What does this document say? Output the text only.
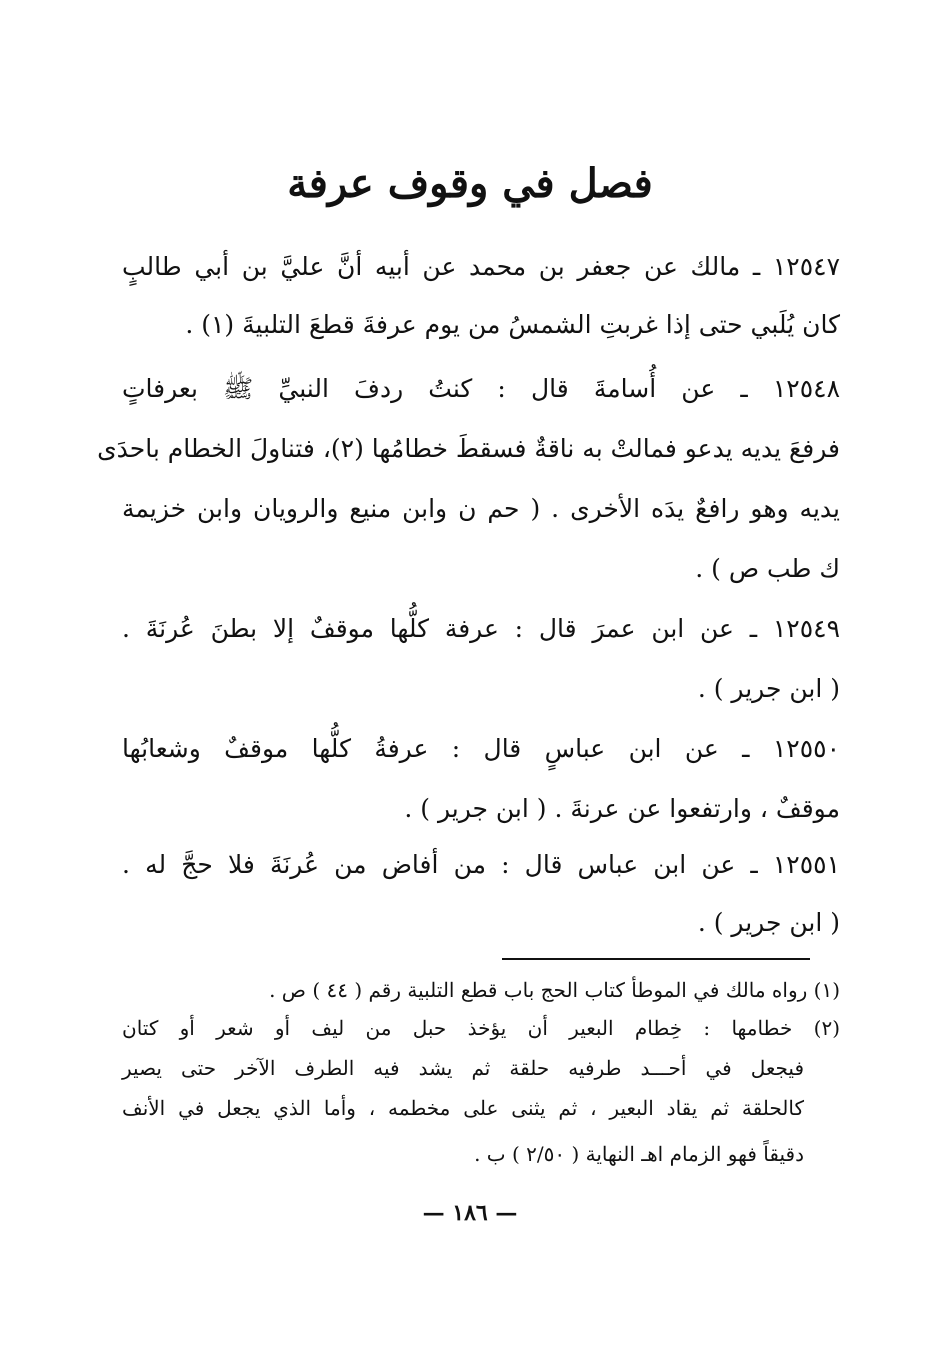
فصل في وقوف عرفة
١٢٥٤٧ ـ مالك عن جعفر بن محمد عن أبيه أنَّ عليَّ بن أبي طالبٍ
كان يُلَبي حتى إذا غربتِ الشمسُ من يوم عرفةَ قطعَ التلبيةَ (١) .
١٢٥٤٨ ـ عن أُسامةَ قال : كنتُ ردفَ النبيِّ ﷺ بعرفاتٍ
فرفعَ يديه يدعو فمالتْ به ناقةٌ فسقطَ خطامُها (٢)، فتناولَ الخطام باحدَى
يديه وهو رافعٌ يدَه الأخرى . ( حم ن وابن منيع والرويان وابن خزيمة
ك طب ص ) .
١٢٥٤٩ ـ عن ابن عمرَ قال : عرفة كلُّها موقفٌ إلا بطنَ عُرنَةَ .
( ابن جرير ) .
١٢٥٥٠ ـ عن ابن عباسٍ قال : عرفةُ كلُّها موقفٌ وشعابُها
موقفٌ ، وارتفعوا عن عرنةَ . ( ابن جرير ) .
١٢٥٥١ ـ عن ابن عباس قال : من أفاض من عُرنَةَ فلا حجَّ له .
( ابن جرير ) .
(١) رواه مالك في الموطأ كتاب الحج باب قطع التلبية رقم ( ٤٤ ) ص .
(٢) خطامها : خِطام البعير أن يؤخذ حبل من ليف أو شعر أو كتان
فيجعل في أحـــد طرفيه حلقة ثم يشد فيه الطرف الآخر حتى يصير
كالحلقة ثم يقاد البعير ، ثم يثنى على مخطمه ، وأما الذي يجعل في الأنف
دقيقاً فهو الزمام اهـ النهاية ( ٢/٥٠ ) ب .
— ١٨٦ —
